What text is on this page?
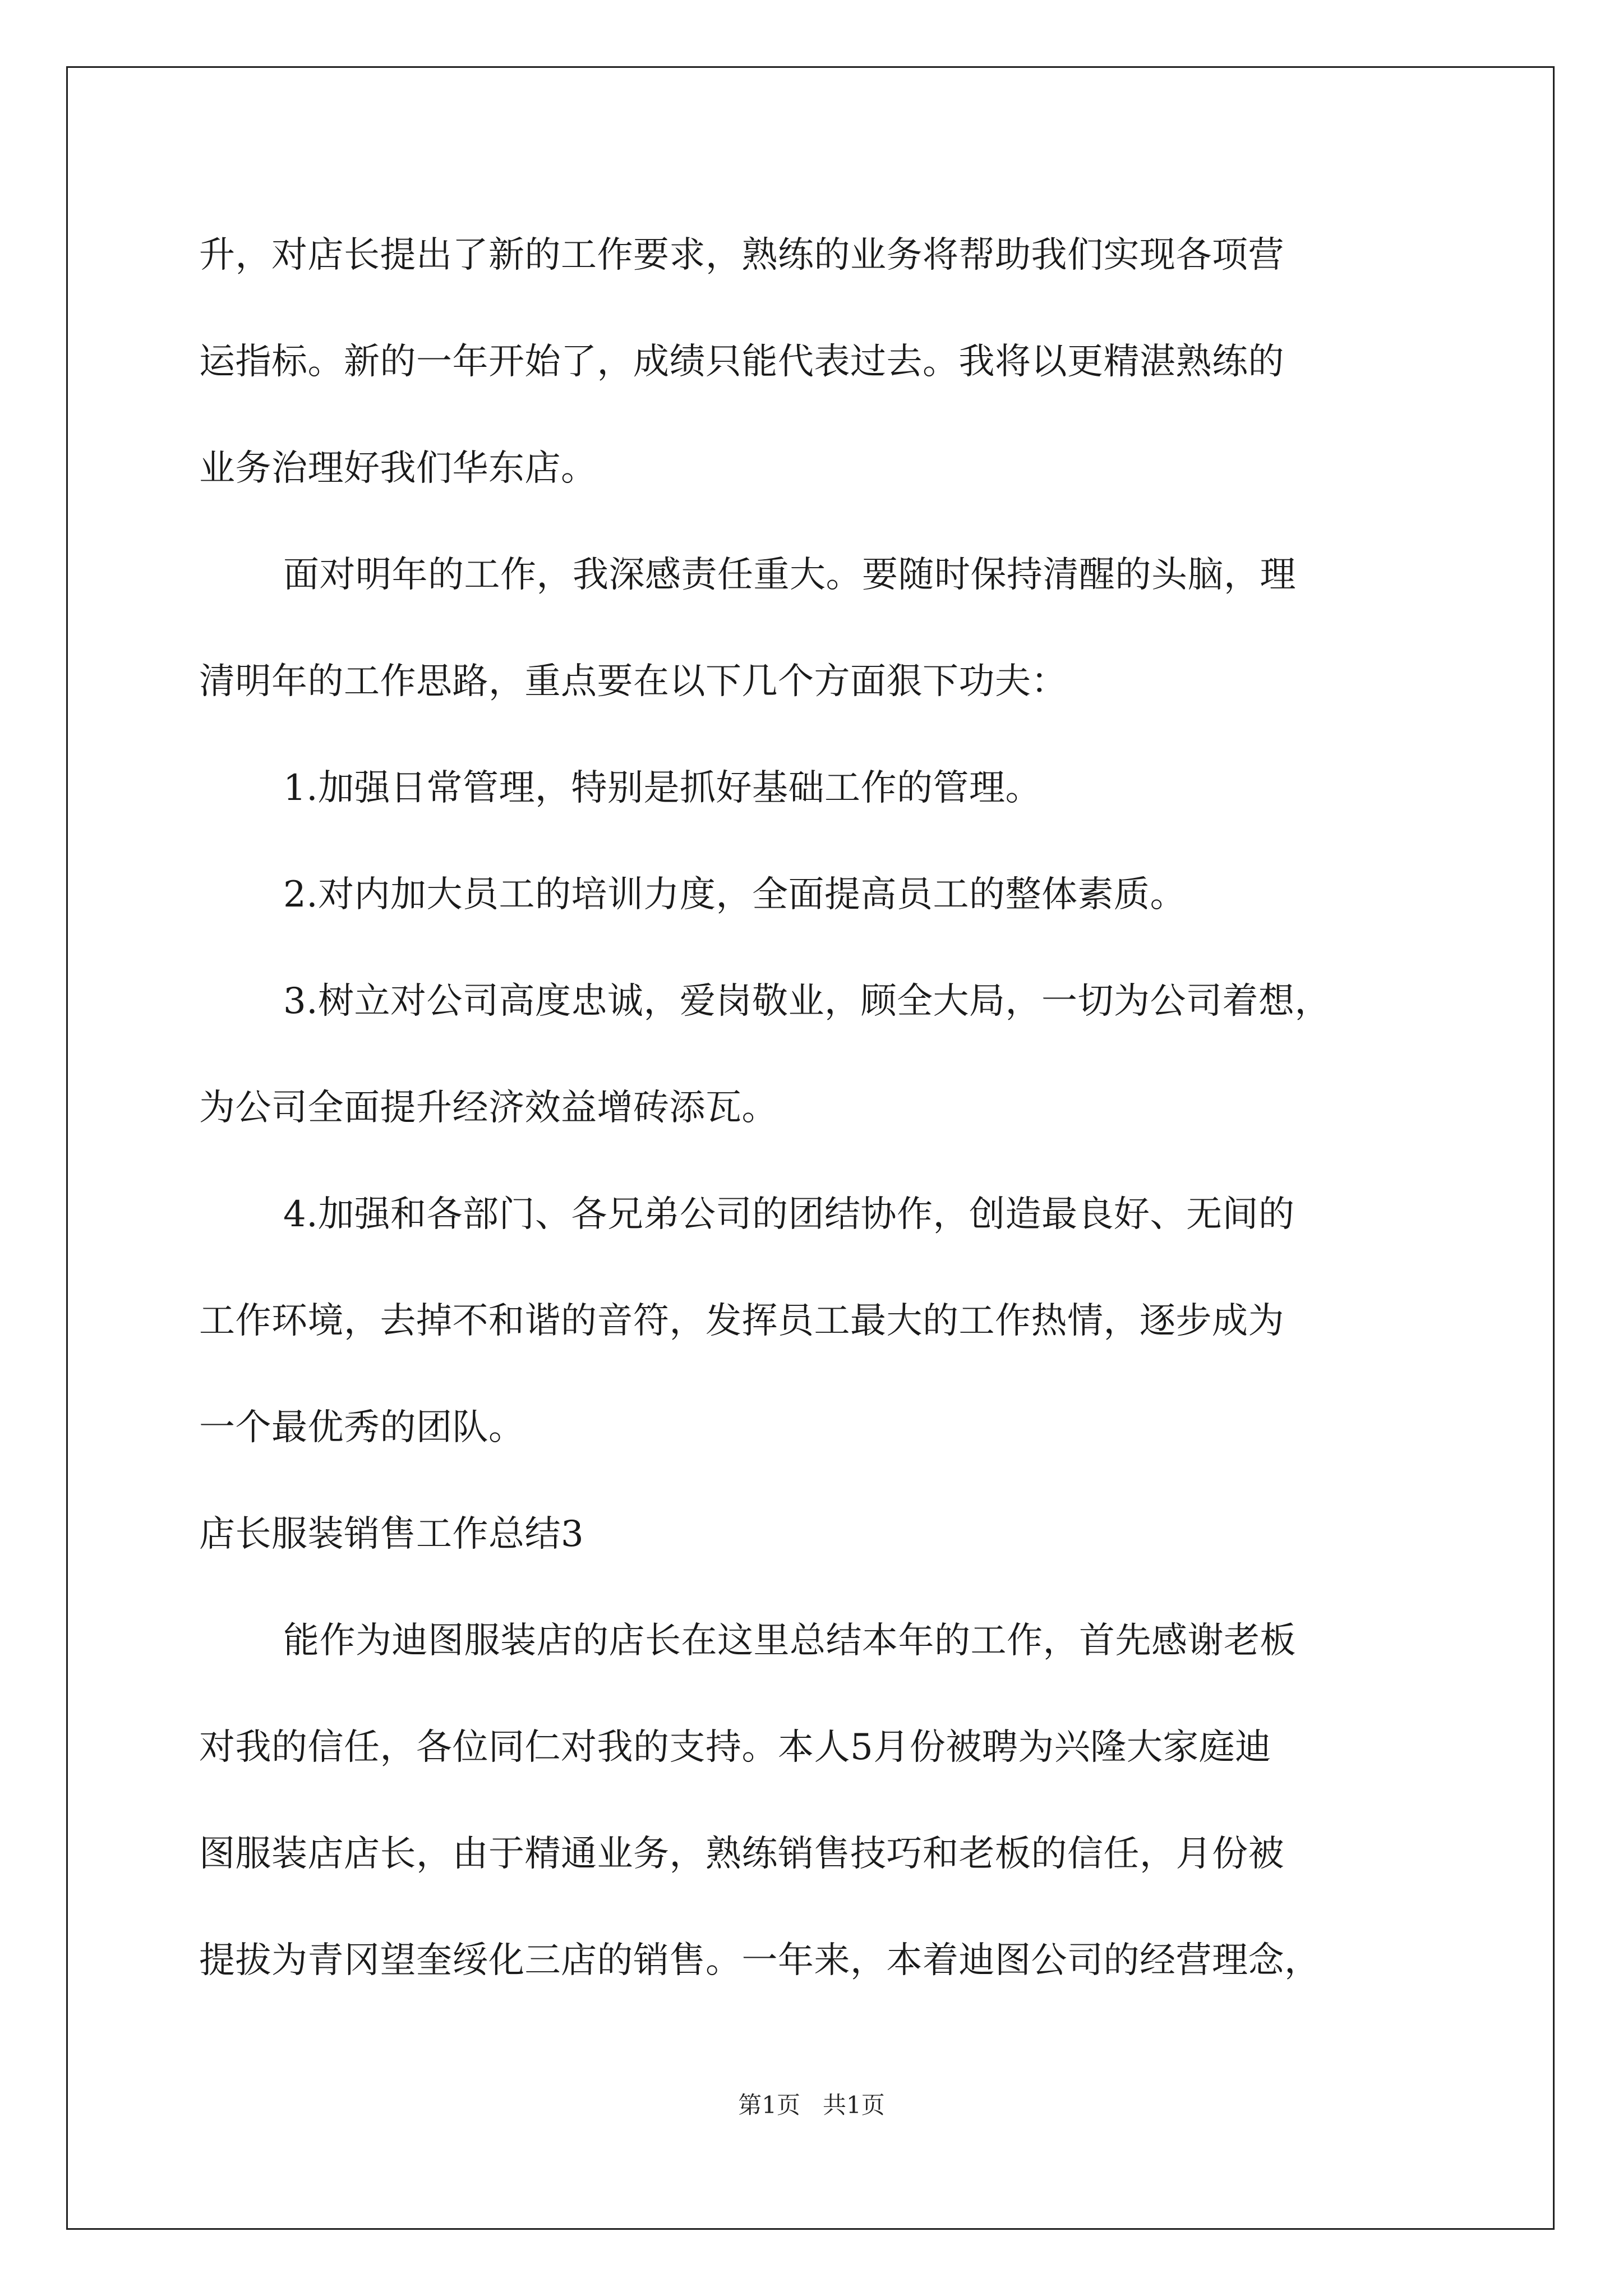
升，对店长提出了新的工作要求，熟练的业务将帮助我们实现各项营
运指标。新的一年开始了，成绩只能代表过去。我将以更精湛熟练的
业务治理好我们华东店。
面对明年的工作，我深感责任重大。要随时保持清醒的头脑，理
清明年的工作思路，重点要在以下几个方面狠下功夫：
1.加强日常管理，特别是抓好基础工作的管理。
2.对内加大员工的培训力度，全面提高员工的整体素质。
3.树立对公司高度忠诚，爱岗敬业，顾全大局，一切为公司着想，
为公司全面提升经济效益增砖添瓦。
4.加强和各部门、各兄弟公司的团结协作，创造最良好、无间的
工作环境，去掉不和谐的音符，发挥员工最大的工作热情，逐步成为
一个最优秀的团队。
店长服装销售工作总结3
能作为迪图服装店的店长在这里总结本年的工作，首先感谢老板
对我的信任，各位同仁对我的支持。本人5月份被聘为兴隆大家庭迪
图服装店店长，由于精通业务，熟练销售技巧和老板的信任，月份被
提拔为青冈望奎绥化三店的销售。一年来，本着迪图公司的经营理念，
第1页   共1页
